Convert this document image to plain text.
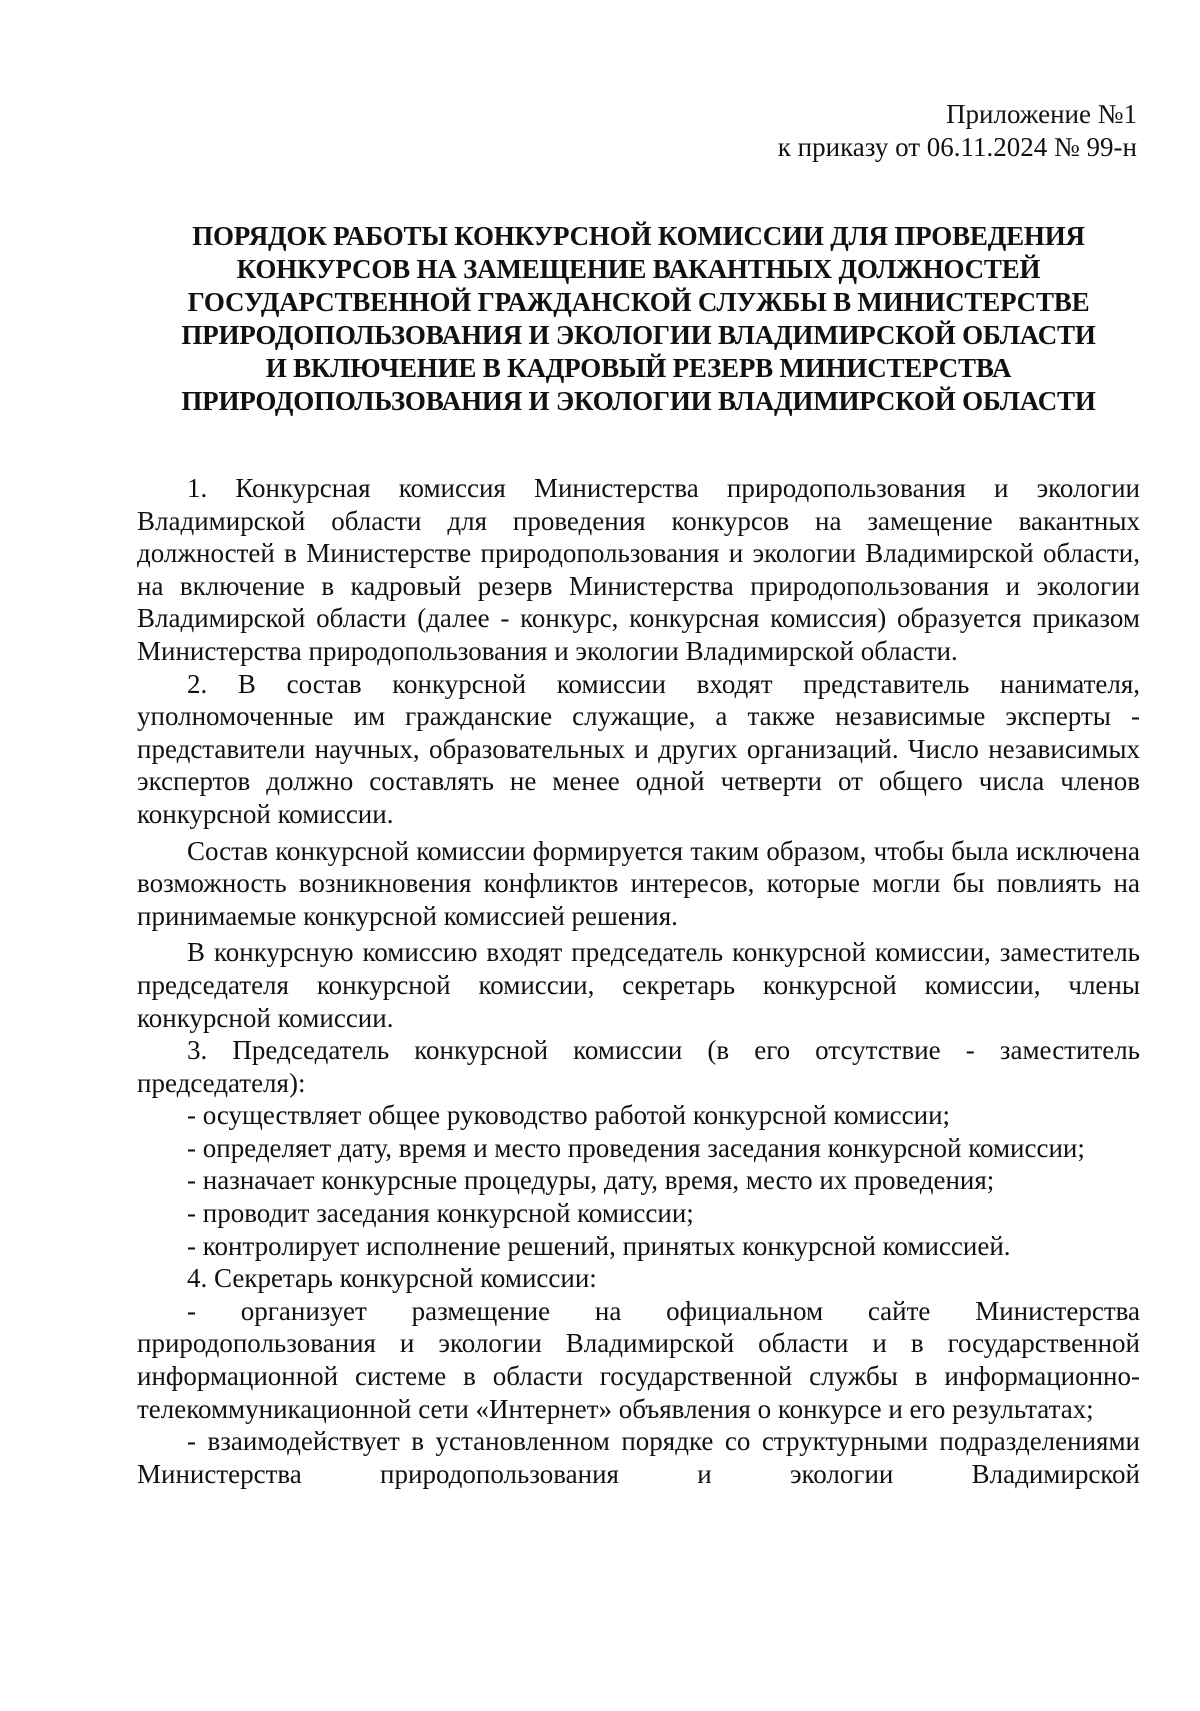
Приложение №1
к приказу от 06.11.2024 № 99-н
ПОРЯДОК РАБОТЫ КОНКУРСНОЙ КОМИССИИ ДЛЯ ПРОВЕДЕНИЯ
КОНКУРСОВ НА ЗАМЕЩЕНИЕ ВАКАНТНЫХ ДОЛЖНОСТЕЙ
ГОСУДАРСТВЕННОЙ ГРАЖДАНСКОЙ СЛУЖБЫ В МИНИСТЕРСТВЕ
ПРИРОДОПОЛЬЗОВАНИЯ И ЭКОЛОГИИ ВЛАДИМИРСКОЙ ОБЛАСТИ
И ВКЛЮЧЕНИЕ В КАДРОВЫЙ РЕЗЕРВ МИНИСТЕРСТВА
ПРИРОДОПОЛЬЗОВАНИЯ И ЭКОЛОГИИ ВЛАДИМИРСКОЙ ОБЛАСТИ

1. Конкурсная комиссия Министерства природопользования и экологии Владимирской области для проведения конкурсов на замещение вакантных должностей в Министерстве природопользования и экологии Владимирской области, на включение в кадровый резерв Министерства природопользования и экологии Владимирской области (далее - конкурс, конкурсная комиссия) образуется приказом Министерства природопользования и экологии Владимирской области.

2. В состав конкурсной комиссии входят представитель нанимателя, уполномоченные им гражданские служащие, а также независимые эксперты - представители научных, образовательных и других организаций. Число независимых экспертов должно составлять не менее одной четверти от общего числа членов конкурсной комиссии.

Состав конкурсной комиссии формируется таким образом, чтобы была исключена возможность возникновения конфликтов интересов, которые могли бы повлиять на принимаемые конкурсной комиссией решения.

В конкурсную комиссию входят председатель конкурсной комиссии, заместитель председателя конкурсной комиссии, секретарь конкурсной комиссии, члены конкурсной комиссии.

3. Председатель конкурсной комиссии (в его отсутствие - заместитель председателя):

- осуществляет общее руководство работой конкурсной комиссии;

- определяет дату, время и место проведения заседания конкурсной комиссии;

- назначает конкурсные процедуры, дату, время, место их проведения;

- проводит заседания конкурсной комиссии;

- контролирует исполнение решений, принятых конкурсной комиссией.

4. Секретарь конкурсной комиссии:

- организует размещение на официальном сайте Министерства природопользования и экологии Владимирской области и в государственной информационной системе в области государственной службы в информационно-телекоммуникационной сети «Интернет» объявления о конкурсе и его результатах;

- взаимодействует в установленном порядке со структурными подразделениями Министерства природопользования и экологии Владимирской
